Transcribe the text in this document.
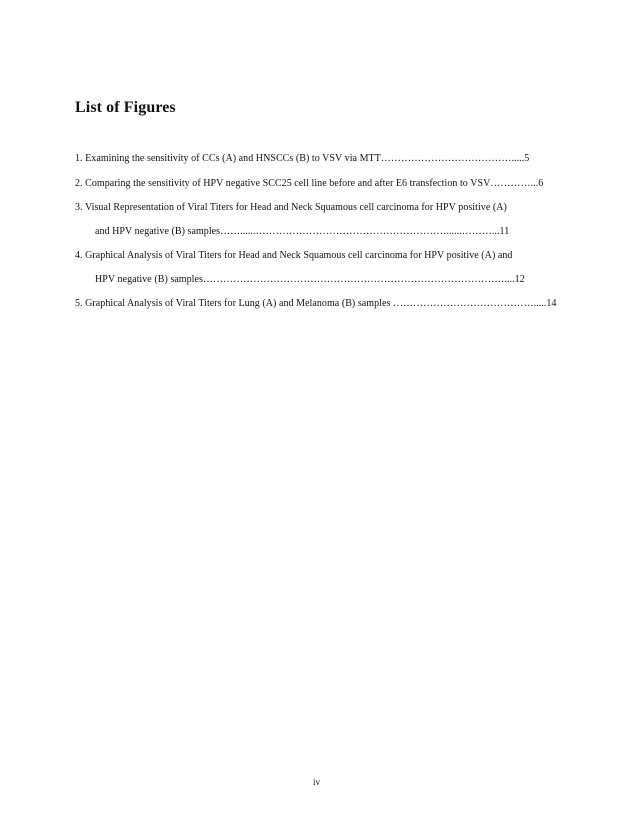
List of Figures
1. Examining the sensitivity of CCs (A) and HNSCCs (B) to VSV via MTT………………………………….....5
2. Comparing the sensitivity of HPV negative SCC25 cell line before and after E6 transfection to VSV…………...6
3. Visual Representation of Viral Titers for Head and Neck Squamous cell carcinoma for HPV positive (A)
and HPV negative (B) samples……......…………………………………………………......………...11
4. Graphical Analysis of Viral Titers for Head and Neck Squamous cell carcinoma for HPV positive (A) and
HPV negative (B) samples………………………………………………………………………………....12
5. Graphical Analysis of Viral Titers for Lung (A) and Melanoma (B) samples …………………………………….....14
iv
